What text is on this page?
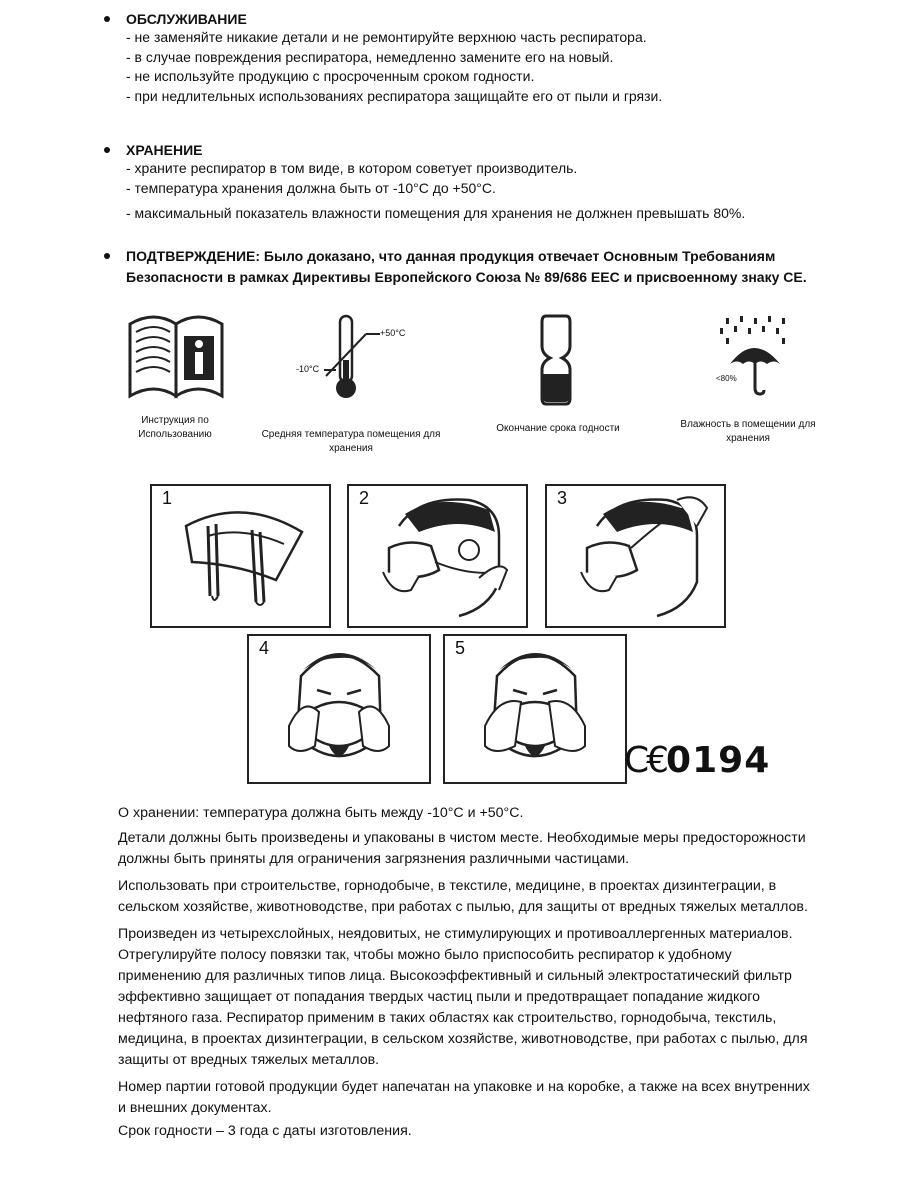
ОБСЛУЖИВАНИЕ
- не заменяйте никакие детали и не ремонтируйте верхнюю часть респиратора.
- в случае повреждения респиратора, немедленно замените его на новый.
- не используйте продукцию с просроченным сроком годности.
- при недлительных использованиях респиратора защищайте его от пыли и грязи.
ХРАНЕНИЕ
- храните респиратор в том виде, в котором советует производитель.
- температура хранения должна быть от -10°С до +50°С.
- максимальный показатель влажности помещения для хранения не должнен превышать 80%.
ПОДТВЕРЖДЕНИЕ: Было доказано, что данная продукция отвечает Основным Требованиям Безопасности в рамках Директивы Европейского Союза № 89/686 EEC и присвоенному знаку CE.
Инструкция по Использованию
+50°C
-10°C
Средняя температура помещения для хранения
Окончание срока годности
<80%
Влажность в помещении для хранения
1	2	3
4	5
C€0194

О хранении: температура должна быть между -10°С и +50°С.

Детали должны быть произведены и упакованы в чистом месте. Необходимые меры предосторожности должны быть приняты для ограничения загрязнения различными частицами.

Использовать при строительстве, горнодобыче, в текстиле, медицине, в проектах дизинтеграции, в сельском хозяйстве, животноводстве, при работах с пылью, для защиты от вредных тяжелых металлов.

Произведен из четырехслойных, неядовитых, не стимулирующих и противоаллергенных материалов. Отрегулируйте полосу повязки так, чтобы можно было приспособить респиратор к удобному применению для различных типов лица. Высокоэффективный и сильный электростатический фильтр эффективно защищает от попадания твердых частиц пыли и предотвращает попадание жидкого нефтяного газа. Респиратор применим в таких областях как строительство, горнодобыча, текстиль, медицина, в проектах дизинтеграции, в сельском хозяйстве, животноводстве, при работах с пылью, для защиты от вредных тяжелых металлов.

Номер партии готовой продукции будет напечатан на упаковке и на коробке, а также на всех внутренних и внешних документах.

Срок годности – 3 года с даты изготовления.
